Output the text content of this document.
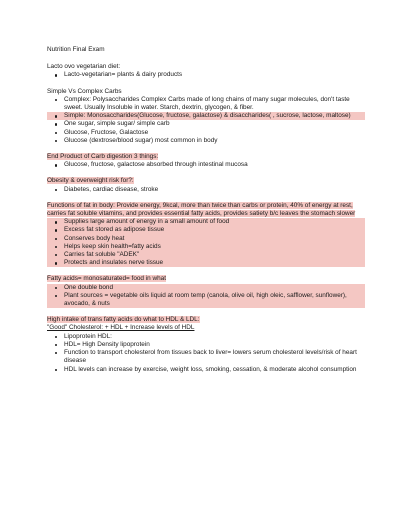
Nutrition Final Exam
Lacto ovo vegetarian diet:
Lacto-vegetarian= plants & dairy products
Simple Vs Complex Carbs
Complex: Polysaccharides Complex Carbs made of long chains of many sugar molecules, don't taste sweet. Usually Insoluble in water. Starch, dextrin, glycogen, & fiber.
Simple: Monosaccharides(Glucose, fructose, galactose) & disaccharides( , sucrose, lactose, maltose)
One sugar, simple sugar/ simple carb
Glucose, Fructose, Galactose
Glucose (dextrose/blood sugar) most common in body
End Product of Carb digestion 3 things:
Glucose, fructose, galactose absorbed through intestinal mucosa
Obesity & overweight risk for?:
Diabetes, cardiac disease, stroke
Functions of fat in body: Provide energy, 9kcal, more than twice than carbs or protein, 40% of energy at rest, carries fat soluble vitamins, and provides essential fatty acids, provides satiety b/c leaves the stomach slower
Supplies large amount of energy in a small amount of food
Excess fat stored as adipose tissue
Conserves body heat
Helps keep skin health=fatty acids
Carries fat soluble "ADEK"
Protects and insulates nerve tissue
Fatty acids= monosaturated= food in what
One double bond
Plant sources = vegetable oils liquid at room temp (canola, olive oil, high oleic, safflower, sunflower), avocado, & nuts
High intake of trans fatty acids do what to HDL & LDL:
"Good" Cholesterol: + HDL + Increase levels of HDL
Lipoprotein HDL:
HDL= High Density lipoprotein
Function to transport cholesterol from tissues back to liver= lowers serum cholesterol levels/risk of heart disease
HDL levels can increase by exercise, weight loss, smoking, cessation, & moderate alcohol consumption
